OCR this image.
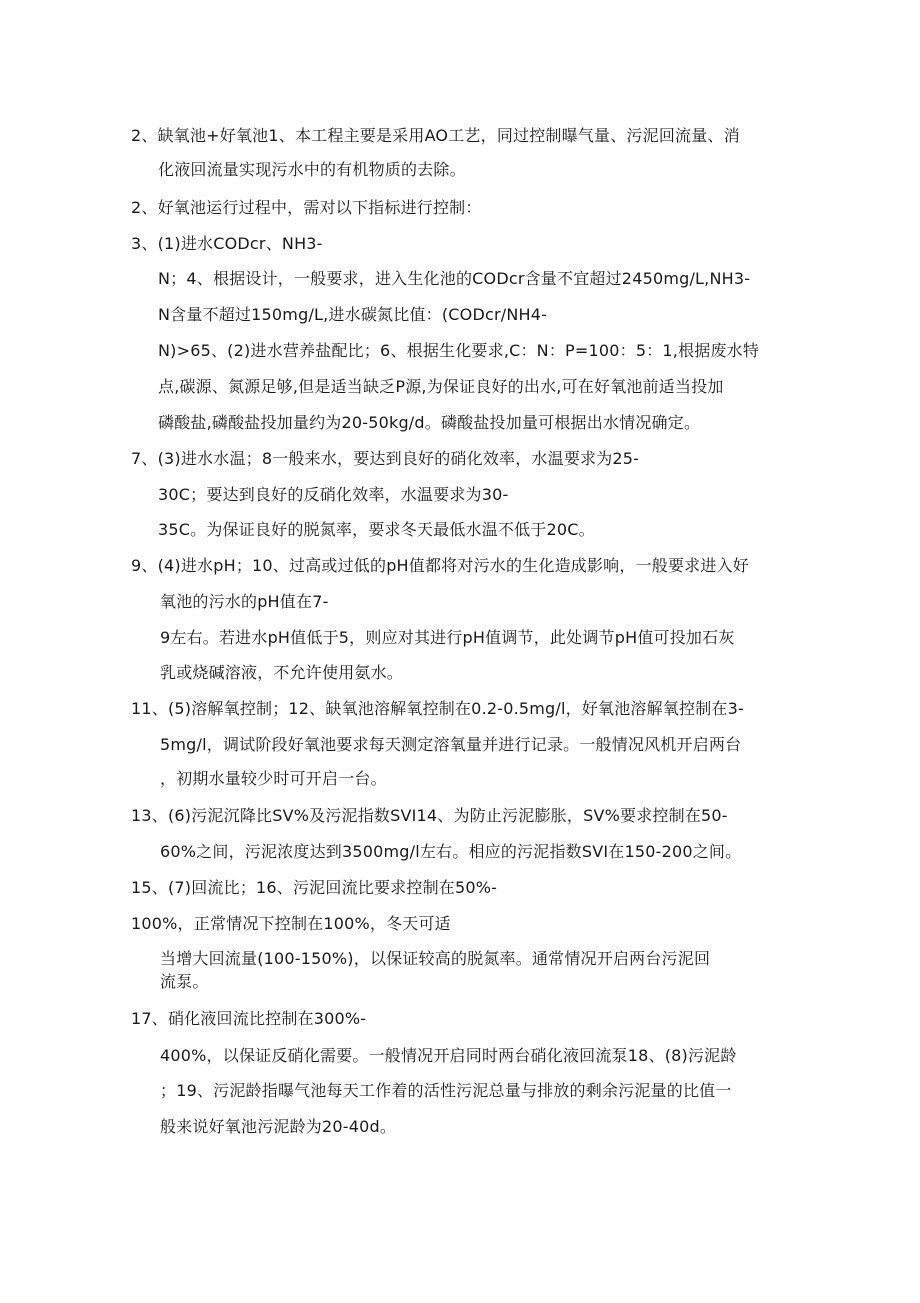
2、缺氧池+好氧池1、本工程主要是采用AO工艺，同过控制曝气量、污泥回流量、消
化液回流量实现污水中的有机物质的去除。
2、好氧池运行过程中，需对以下指标进行控制：
3、(1)进水CODcr、NH3-
N；4、根据设计，一般要求，进入生化池的CODcr含量不宜超过2450mg/L,NH3-
N含量不超过150mg/L,进水碳氮比值：(CODcr/NH4-
N)>65、(2)进水营养盐配比；6、根据生化要求,C：N：P=100：5：1,根据废水特
点,碳源、氮源足够,但是适当缺乏P源,为保证良好的出水,可在好氧池前适当投加
磷酸盐,磷酸盐投加量约为20-50kg/d。磷酸盐投加量可根据出水情况确定。
7、(3)进水水温；8一般来水，要达到良好的硝化效率，水温要求为25-
30C；要达到良好的反硝化效率，水温要求为30-
35C。为保证良好的脱氮率，要求冬天最低水温不低于20C。
9、(4)进水pH；10、过高或过低的pH值都将对污水的生化造成影响，一般要求进入好
氧池的污水的pH值在7-
9左右。若进水pH值低于5，则应对其进行pH值调节，此处调节pH值可投加石灰
乳或烧碱溶液，不允许使用氨水。
11、(5)溶解氧控制；12、缺氧池溶解氧控制在0.2-0.5mg/l，好氧池溶解氧控制在3-
5mg/l，调试阶段好氧池要求每天测定溶氧量并进行记录。一般情况风机开启两台
，初期水量较少时可开启一台。
13、(6)污泥沉降比SV%及污泥指数SVI14、为防止污泥膨胀，SV%要求控制在50-
60%之间，污泥浓度达到3500mg/l左右。相应的污泥指数SVI在150-200之间。
15、(7)回流比；16、污泥回流比要求控制在50%-
100%，正常情况下控制在100%，冬天可适
当增大回流量(100-150%)，以保证较高的脱氮率。通常情况开启两台污泥回
流泵。
17、硝化液回流比控制在300%-
400%，以保证反硝化需要。一般情况开启同时两台硝化液回流泵18、(8)污泥龄
；19、污泥龄指曝气池每天工作着的活性污泥总量与排放的剩余污泥量的比值一
般来说好氧池污泥龄为20-40d。
